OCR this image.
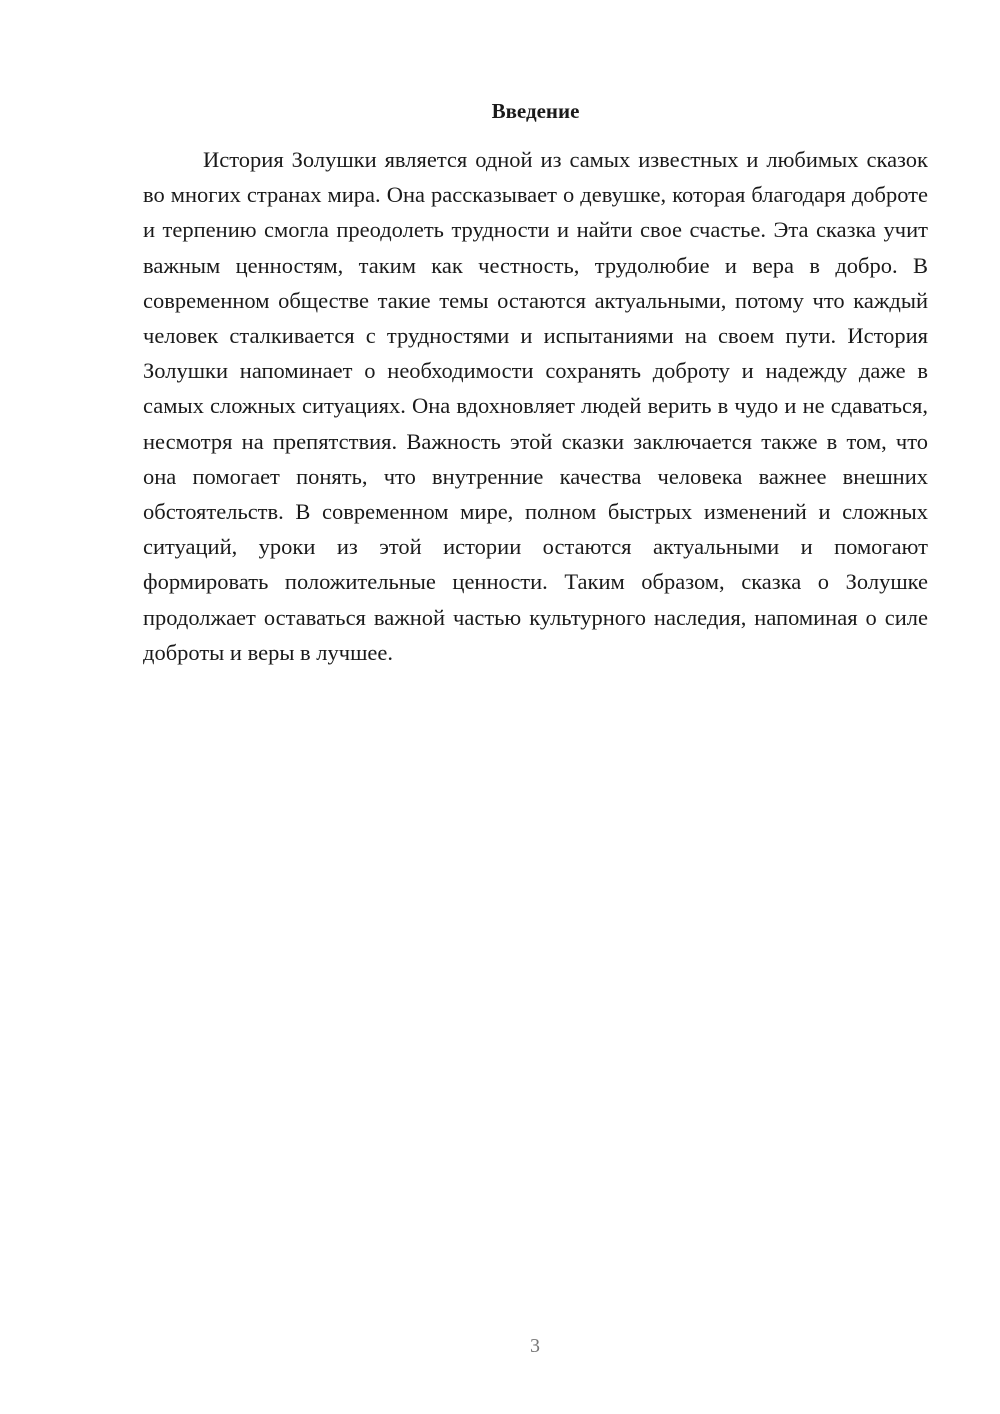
Введение

История Золушки является одной из самых известных и любимых сказок во многих странах мира. Она рассказывает о девушке, которая благодаря доброте и терпению смогла преодолеть трудности и найти свое счастье. Эта сказка учит важным ценностям, таким как честность, трудолюбие и вера в добро. В современном обществе такие темы остаются актуальными, потому что каждый человек сталкивается с трудностями и испытаниями на своем пути. История Золушки напоминает о необходимости сохранять доброту и надежду даже в самых сложных ситуациях. Она вдохновляет людей верить в чудо и не сдаваться, несмотря на препятствия. Важность этой сказки заключается также в том, что она помогает понять, что внутренние качества человека важнее внешних обстоятельств. В современном мире, полном быстрых изменений и сложных ситуаций, уроки из этой истории остаются актуальными и помогают формировать положительные ценности. Таким образом, сказка о Золушке продолжает оставаться важной частью культурного наследия, напоминая о силе доброты и веры в лучшее.

3
